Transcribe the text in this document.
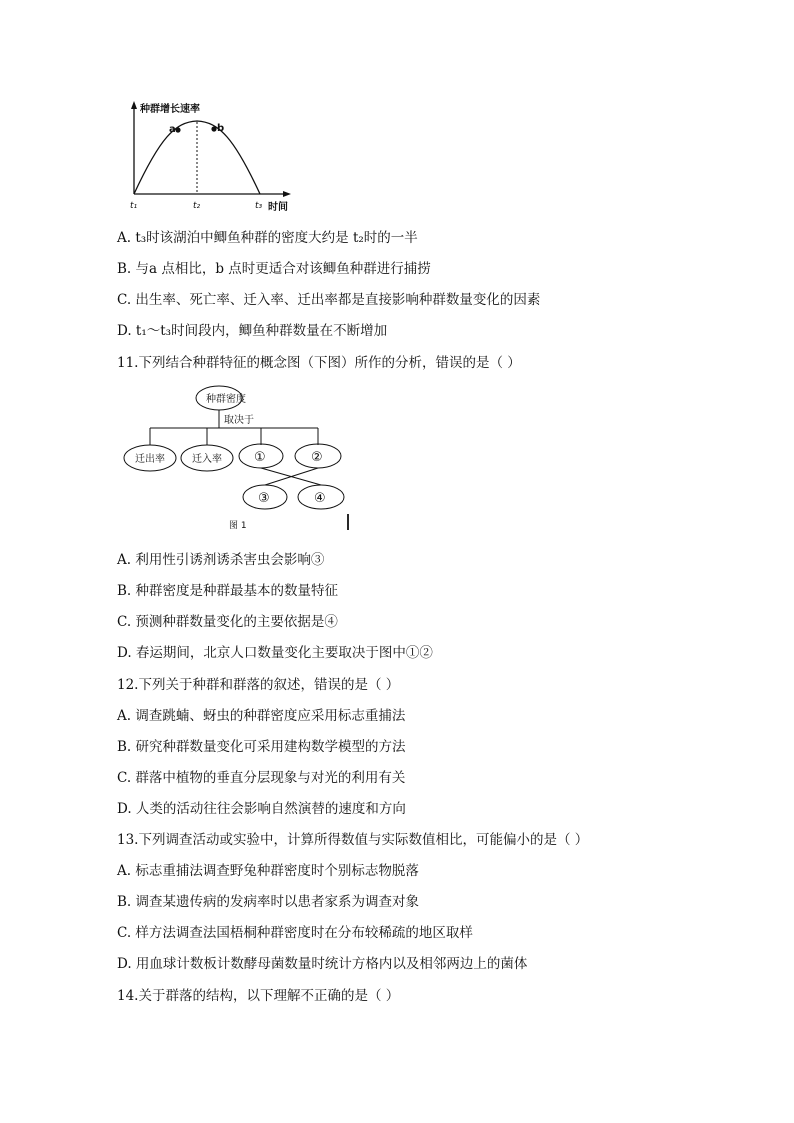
a	b
种群增长速率
t₁	t₂	t₃ 时间
A. t₃时该湖泊中鲫鱼种群的密度大约是 t₂时的一半
B. 与a 点相比，b 点时更适合对该鲫鱼种群进行捕捞
C. 出生率、死亡率、迁入率、迁出率都是直接影响种群数量变化的因素
D. t₁～t₃时间段内，鲫鱼种群数量在不断增加
11.下列结合种群特征的概念图（下图）所作的分析，错误的是（ ）
种群密度
取决于
迁出率	迁入率 ①	②
③	④
图 1
A. 利用性引诱剂诱杀害虫会影响③
B. 种群密度是种群最基本的数量特征
C. 预测种群数量变化的主要依据是④
D. 春运期间，北京人口数量变化主要取决于图中①②
12.下列关于种群和群落的叙述，错误的是（ ）
A. 调查跳蝻、蚜虫的种群密度应采用标志重捕法
B. 研究种群数量变化可采用建构数学模型的方法
C. 群落中植物的垂直分层现象与对光的利用有关
D. 人类的活动往往会影响自然演替的速度和方向
13.下列调查活动或实验中，计算所得数值与实际数值相比，可能偏小的是（ ）
A. 标志重捕法调查野兔种群密度时个别标志物脱落
B. 调查某遗传病的发病率时以患者家系为调查对象
C. 样方法调查法国梧桐种群密度时在分布较稀疏的地区取样
D. 用血球计数板计数酵母菌数量时统计方格内以及相邻两边上的菌体
14.关于群落的结构，以下理解不正确的是（ ）
